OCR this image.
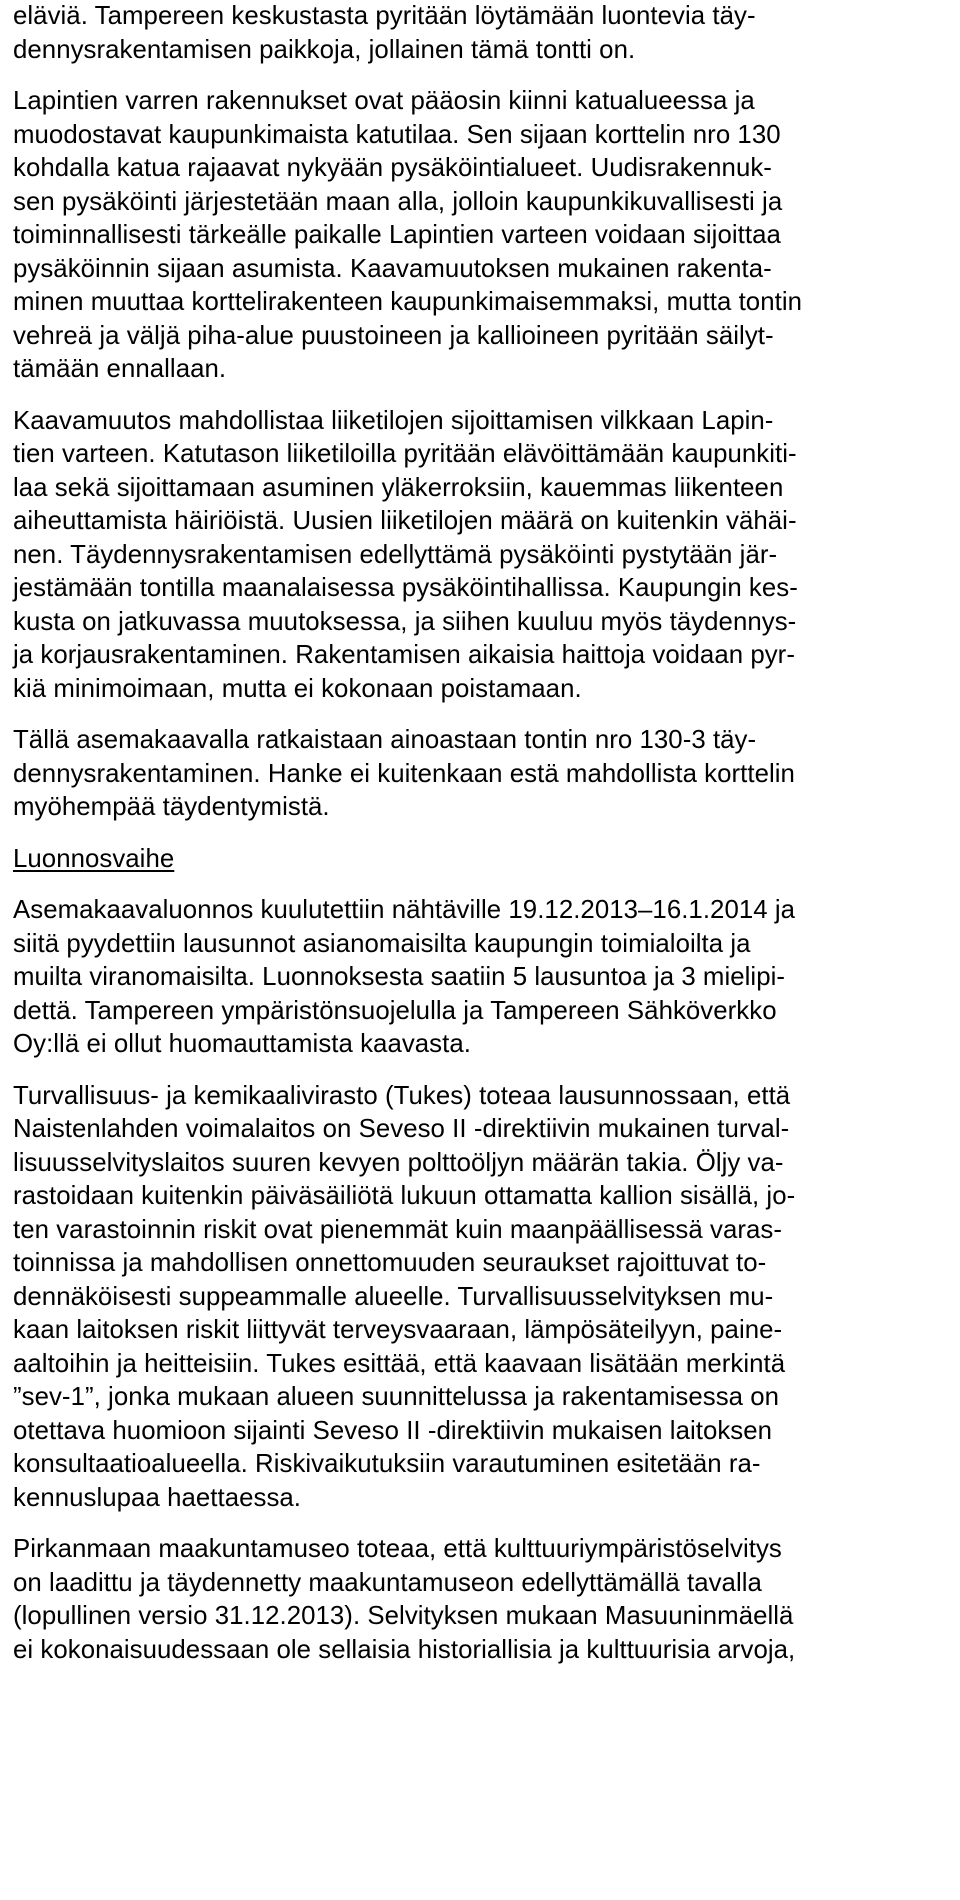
eläviä. Tampereen keskustasta pyritään löytämään luontevia täy-
dennysrakentamisen paikkoja, jollainen tämä tontti on.
Lapintien varren rakennukset ovat pääosin kiinni katualueessa ja
muodostavat kaupunkimaista katutilaa. Sen sijaan korttelin nro 130
kohdalla katua rajaavat nykyään pysäköintialueet. Uudisrakennuk-
sen pysäköinti järjestetään maan alla, jolloin kaupunkikuvallisesti ja
toiminnallisesti tärkeälle paikalle Lapintien varteen voidaan sijoittaa
pysäköinnin sijaan asumista. Kaavamuutoksen mukainen rakenta-
minen muuttaa korttelirakenteen kaupunkimaisemmaksi, mutta tontin
vehreä ja väljä piha-alue puustoineen ja kallioineen pyritään säilyt-
tämään ennallaan.
Kaavamuutos mahdollistaa liiketilojen sijoittamisen vilkkaan Lapin-
tien varteen. Katutason liiketiloilla pyritään elävöittämään kaupunkiti-
laa sekä sijoittamaan asuminen yläkerroksiin, kauemmas liikenteen
aiheuttamista häiriöistä. Uusien liiketilojen määrä on kuitenkin vähäi-
nen. Täydennysrakentamisen edellyttämä pysäköinti pystytään jär-
jestämään tontilla maanalaisessa pysäköintihallissa. Kaupungin kes-
kusta on jatkuvassa muutoksessa, ja siihen kuuluu myös täydennys-
ja korjausrakentaminen. Rakentamisen aikaisia haittoja voidaan pyr-
kiä minimoimaan, mutta ei kokonaan poistamaan.
Tällä asemakaavalla ratkaistaan ainoastaan tontin nro 130-3 täy-
dennysrakentaminen. Hanke ei kuitenkaan estä mahdollista korttelin
myöhempää täydentymistä.
Luonnosvaihe
Asemakaavaluonnos kuulutettiin nähtäville 19.12.2013–16.1.2014 ja
siitä pyydettiin lausunnot asianomaisilta kaupungin toimialoilta ja
muilta viranomaisilta. Luonnoksesta saatiin 5 lausuntoa ja 3 mielipi-
dettä. Tampereen ympäristönsuojelulla ja Tampereen Sähköverkko
Oy:llä ei ollut huomauttamista kaavasta.
Turvallisuus- ja kemikaalivirasto (Tukes) toteaa lausunnossaan, että
Naistenlahden voimalaitos on Seveso II -direktiivin mukainen turval-
lisuusselvityslaitos suuren kevyen polttoöljyn määrän takia. Öljy va-
rastoidaan kuitenkin päiväsäiliötä lukuun ottamatta kallion sisällä, jo-
ten varastoinnin riskit ovat pienemmät kuin maanpäällisessä varas-
toinnissa ja mahdollisen onnettomuuden seuraukset rajoittuvat to-
dennäköisesti suppeammalle alueelle. Turvallisuusselvityksen mu-
kaan laitoksen riskit liittyvät terveysvaaraan, lämpösäteilyyn, paine-
aaltoihin ja heitteisiin. Tukes esittää, että kaavaan lisätään merkintä
”sev-1”, jonka mukaan alueen suunnittelussa ja rakentamisessa on
otettava huomioon sijainti Seveso II -direktiivin mukaisen laitoksen
konsultaatioalueella. Riskivaikutuksiin varautuminen esitetään ra-
kennuslupaa haettaessa.
Pirkanmaan maakuntamuseo toteaa, että kulttuuriympäristöselvitys
on laadittu ja täydennetty maakuntamuseon edellyttämällä tavalla
(lopullinen versio 31.12.2013). Selvityksen mukaan Masuuninmäellä
ei kokonaisuudessaan ole sellaisia historiallisia ja kulttuurisia arvoja,
